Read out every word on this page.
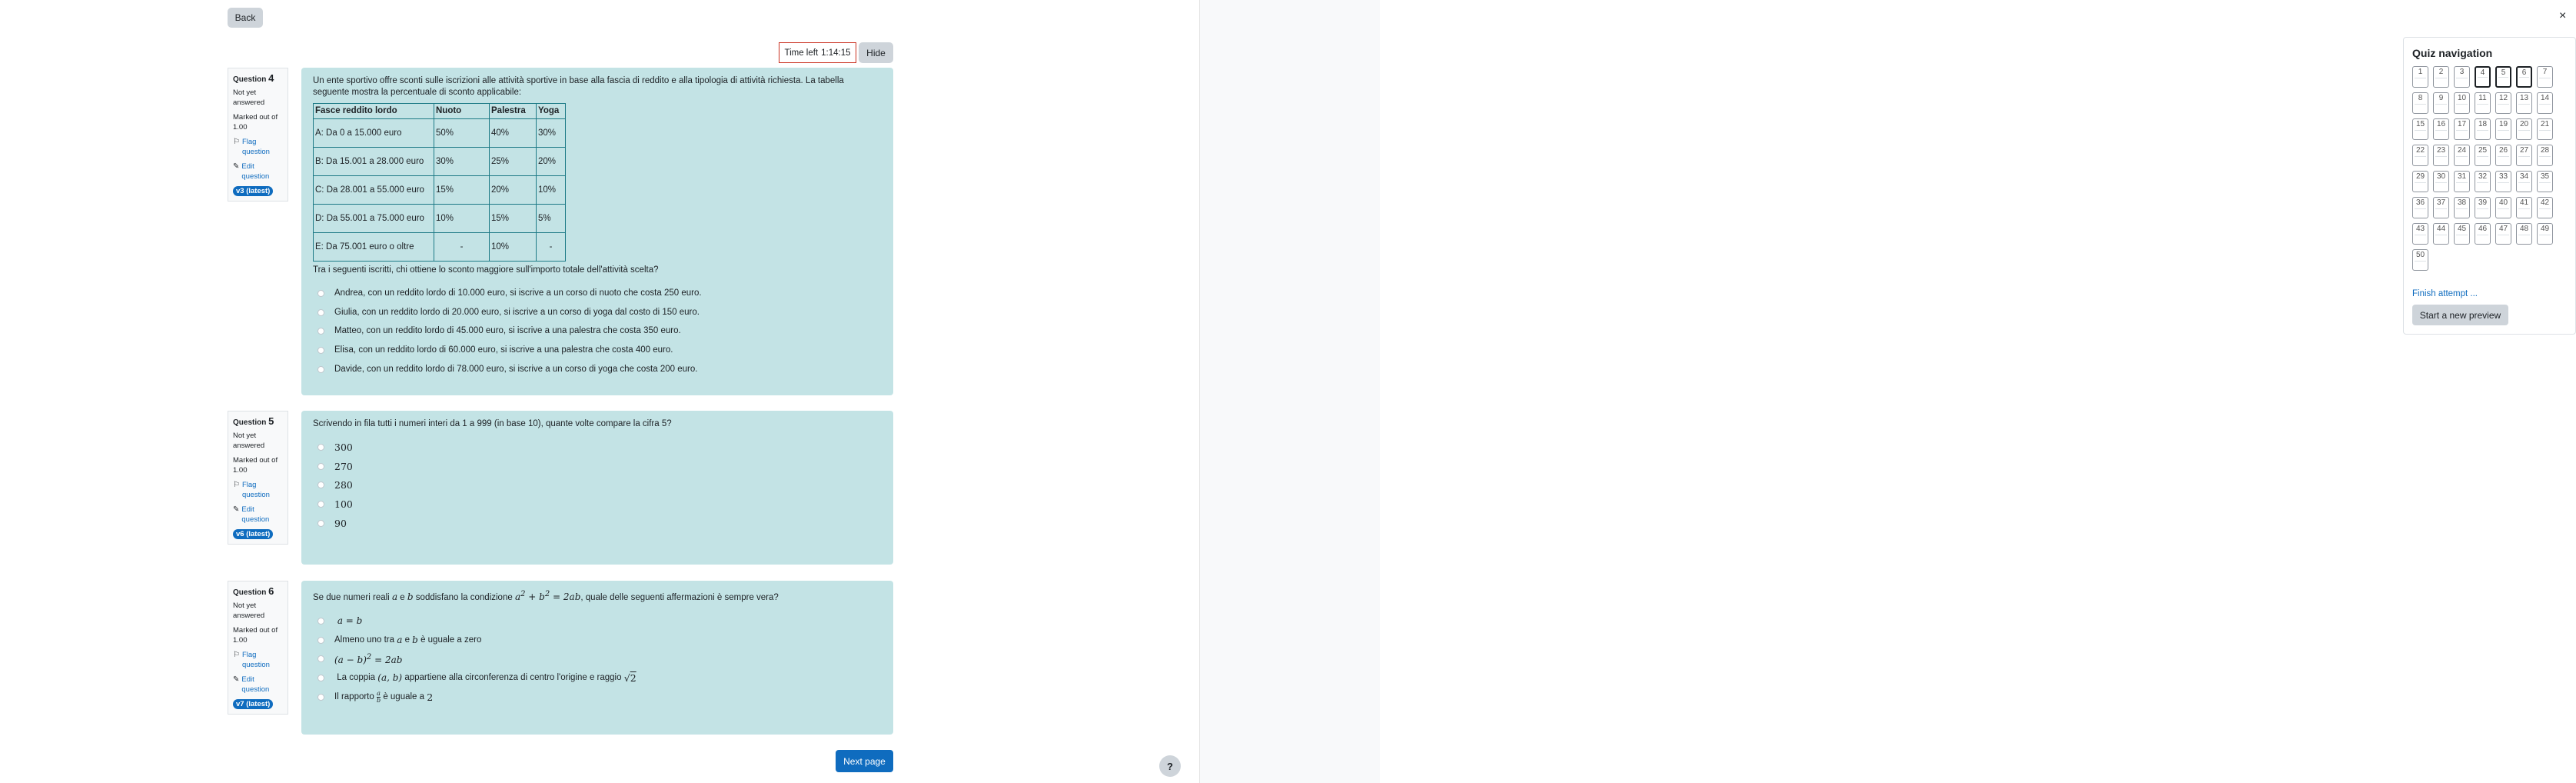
Back
Time left 1:14:15	Hide
Question 4
Not yet answered
Marked out of 1.00
⚐ Flag question
✎ Edit question
v3 (latest)

Un ente sportivo offre sconti sulle iscrizioni alle attività sportive in base alla fascia di reddito e alla tipologia di attività richiesta. La tabella seguente mostra la percentuale di sconto applicabile:

Fasce reddito lordo	Nuoto	Palestra	Yoga
A: Da 0 a 15.000 euro	50%	40%	30%
B: Da 15.001 a 28.000 euro	30%	25%	20%
C: Da 28.001 a 55.000 euro	15%	20%	10%
D: Da 55.001 a 75.000 euro	10%	15%	5%
E: Da 75.001 euro o oltre	-	10%	-

Tra i seguenti iscritti, chi ottiene lo sconto maggiore sull'importo totale dell'attività scelta?

Andrea, con un reddito lordo di 10.000 euro, si iscrive a un corso di nuoto che costa 250 euro.
Giulia, con un reddito lordo di 20.000 euro, si iscrive a un corso di yoga dal costo di 150 euro.
Matteo, con un reddito lordo di 45.000 euro, si iscrive a una palestra che costa 350 euro.
Elisa, con un reddito lordo di 60.000 euro, si iscrive a una palestra che costa 400 euro.
Davide, con un reddito lordo di 78.000 euro, si iscrive a un corso di yoga che costa 200 euro.
Question 5
Not yet answered
Marked out of 1.00
⚐ Flag question
✎ Edit question
v6 (latest)

Scrivendo in fila tutti i numeri interi da 1 a 999 (in base 10), quante volte compare la cifra 5?

300
270
280
100
90
Question 6
Not yet answered
Marked out of 1.00
⚐ Flag question
✎ Edit question
v7 (latest)

Se due numeri reali a e b soddisfano la condizione $a^2 + b^2 = 2ab$, quale delle seguenti affermazioni è sempre vera?

a = b
Almeno uno tra
a
e
b
è uguale a zero
$(a - b)^2 = 2ab$

La coppia
(a, b)
appartiene alla circonferenza di centro l'origine e raggio
√2
Il rapporto
a
b
è uguale a
2
Next page
×
Quiz navigation
1	2	3	4	5	6	7
8	9	10	11	12	13	14
15	16	17	18	19	20	21
22	23	24	25	26	27	28
29	30	31	32	33	34	35
36	37	38	39	40	41	42
43	44	45	46	47	48	49
50
Finish attempt ...
Start a new preview
?
